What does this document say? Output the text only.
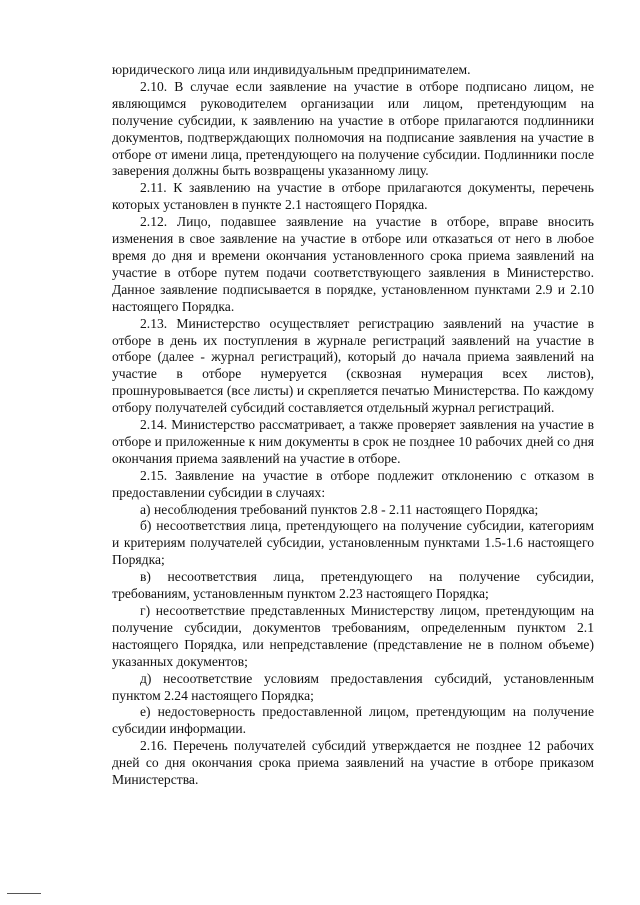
юридического лица или индивидуальным предпринимателем.

2.10. В случае если заявление на участие в отборе подписано лицом, не являющимся руководителем организации или лицом, претендующим на получение субсидии, к заявлению на участие в отборе прилагаются подлинники документов, подтверждающих полномочия на подписание заявления на участие в отборе от имени лица, претендующего на получение субсидии. Подлинники после заверения должны быть возвращены указанному лицу.

2.11. К заявлению на участие в отборе прилагаются документы, перечень которых установлен в пункте 2.1 настоящего Порядка.

2.12. Лицо, подавшее заявление на участие в отборе, вправе вносить изменения в свое заявление на участие в отборе или отказаться от него в любое время до дня и времени окончания установленного срока приема заявлений на участие в отборе путем подачи соответствующего заявления в Министерство. Данное заявление подписывается в порядке, установленном пунктами 2.9 и 2.10 настоящего Порядка.

2.13. Министерство осуществляет регистрацию заявлений на участие в отборе в день их поступления в журнале регистраций заявлений на участие в отборе (далее - журнал регистраций), который до начала приема заявлений на участие в отборе нумеруется (сквозная нумерация всех листов), прошнуровывается (все листы) и скрепляется печатью Министерства. По каждому отбору получателей субсидий составляется отдельный журнал регистраций.

2.14. Министерство рассматривает, а также проверяет заявления на участие в отборе и приложенные к ним документы в срок не позднее 10 рабочих дней со дня окончания приема заявлений на участие в отборе.

2.15. Заявление на участие в отборе подлежит отклонению с отказом в предоставлении субсидии в случаях:

а) несоблюдения требований пунктов 2.8 - 2.11 настоящего Порядка;

б) несоответствия лица, претендующего на получение субсидии, категориям и критериям получателей субсидии, установленным пунктами 1.5-1.6 настоящего Порядка;

в) несоответствия лица, претендующего на получение субсидии, требованиям, установленным пунктом 2.23 настоящего Порядка;

г) несоответствие представленных Министерству лицом, претендующим на получение субсидии, документов требованиям, определенным пунктом 2.1 настоящего Порядка, или непредставление (представление не в полном объеме) указанных документов;

д) несоответствие условиям предоставления субсидий, установленным пунктом 2.24 настоящего Порядка;

е) недостоверность предоставленной лицом, претендующим на получение субсидии информации.

2.16. Перечень получателей субсидий утверждается не позднее 12 рабочих дней со дня окончания срока приема заявлений на участие в отборе приказом Министерства.
